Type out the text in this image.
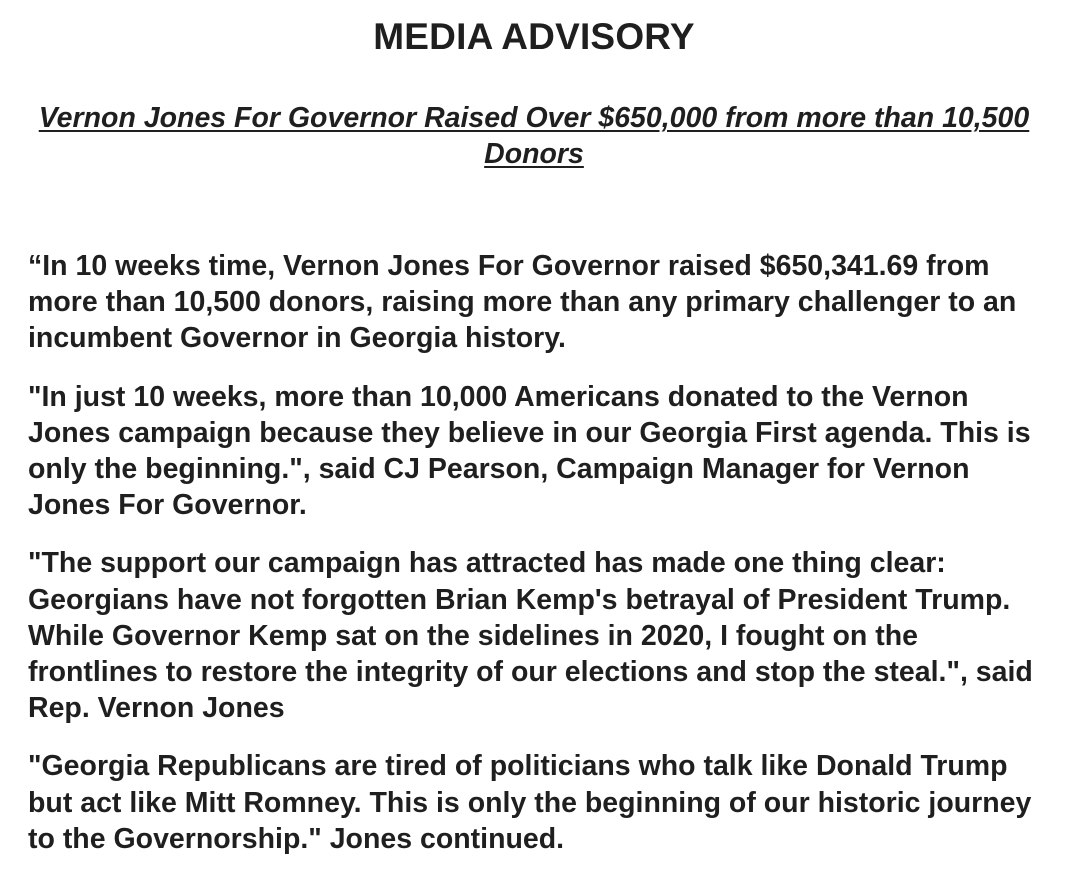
MEDIA ADVISORY
Vernon Jones For Governor Raised Over $650,000 from more than 10,500 Donors

“In 10 weeks time, Vernon Jones For Governor raised $650,341.69 from more than 10,500 donors, raising more than any primary challenger to an incumbent Governor in Georgia history.

"In just 10 weeks, more than 10,000 Americans donated to the Vernon Jones campaign because they believe in our Georgia First agenda. This is only the beginning.", said CJ Pearson, Campaign Manager for Vernon Jones For Governor.

"The support our campaign has attracted has made one thing clear: Georgians have not forgotten Brian Kemp's betrayal of President Trump. While Governor Kemp sat on the sidelines in 2020, I fought on the frontlines to restore the integrity of our elections and stop the steal.", said Rep. Vernon Jones

"Georgia Republicans are tired of politicians who talk like Donald Trump but act like Mitt Romney. This is only the beginning of our historic journey to the Governorship." Jones continued.
